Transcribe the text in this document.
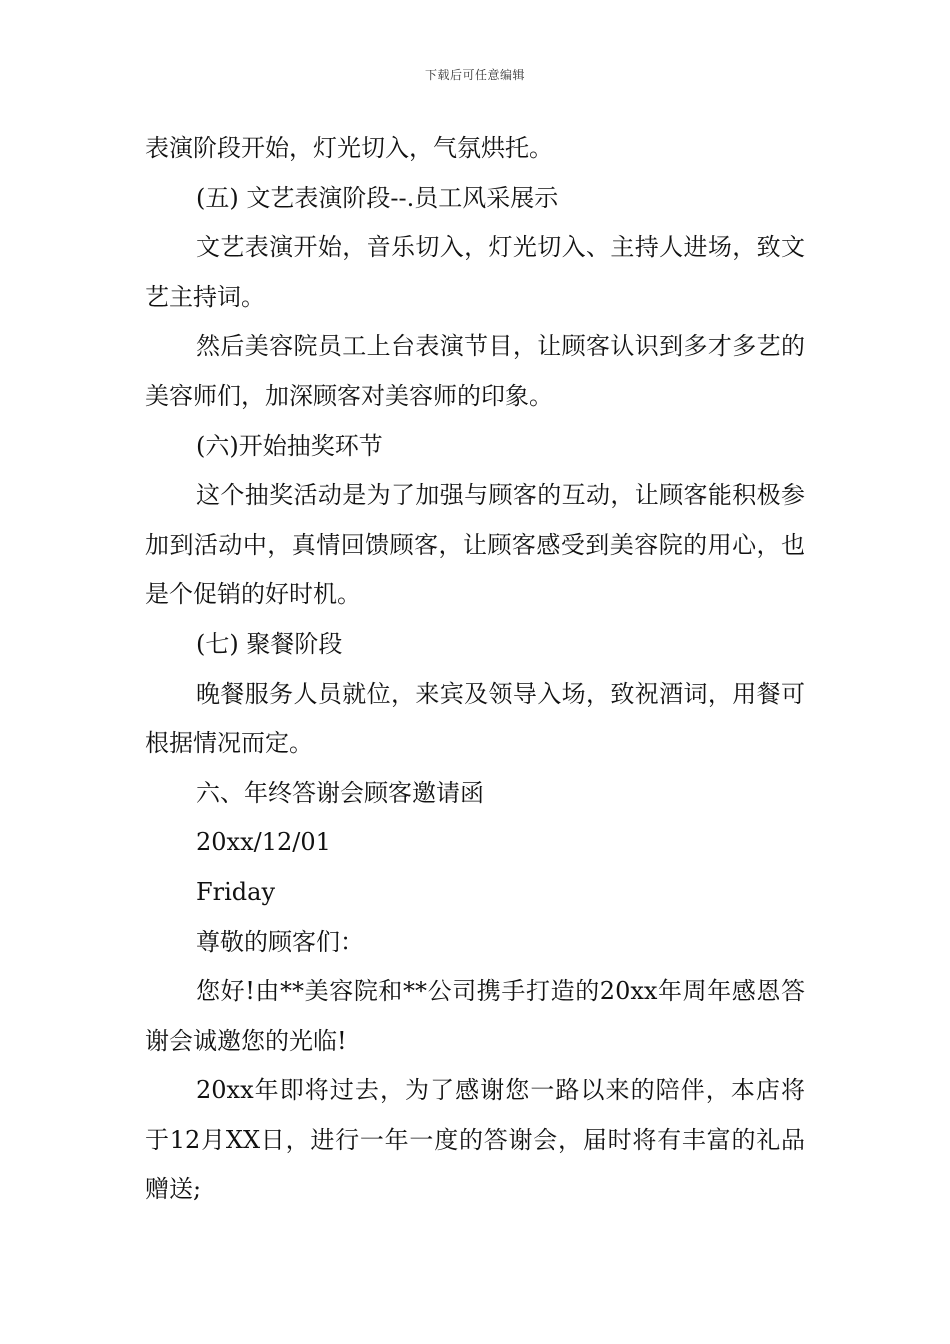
下载后可任意编辑

表演阶段开始，灯光切入，气氛烘托。

(五) 文艺表演阶段--.员工风采展示

文艺表演开始，音乐切入，灯光切入、主持人进场，致文艺主持词。

然后美容院员工上台表演节目，让顾客认识到多才多艺的美容师们，加深顾客对美容师的印象。

(六)开始抽奖环节

这个抽奖活动是为了加强与顾客的互动，让顾客能积极参加到活动中，真情回馈顾客，让顾客感受到美容院的用心，也是个促销的好时机。

(七) 聚餐阶段

晚餐服务人员就位，来宾及领导入场，致祝酒词，用餐可根据情况而定。

六、年终答谢会顾客邀请函

20xx/12/01

Friday

尊敬的顾客们：

您好!由**美容院和**公司携手打造的20xx年周年感恩答谢会诚邀您的光临!

20xx年即将过去，为了感谢您一路以来的陪伴，本店将于12月XX日，进行一年一度的答谢会，届时将有丰富的礼品赠送;
